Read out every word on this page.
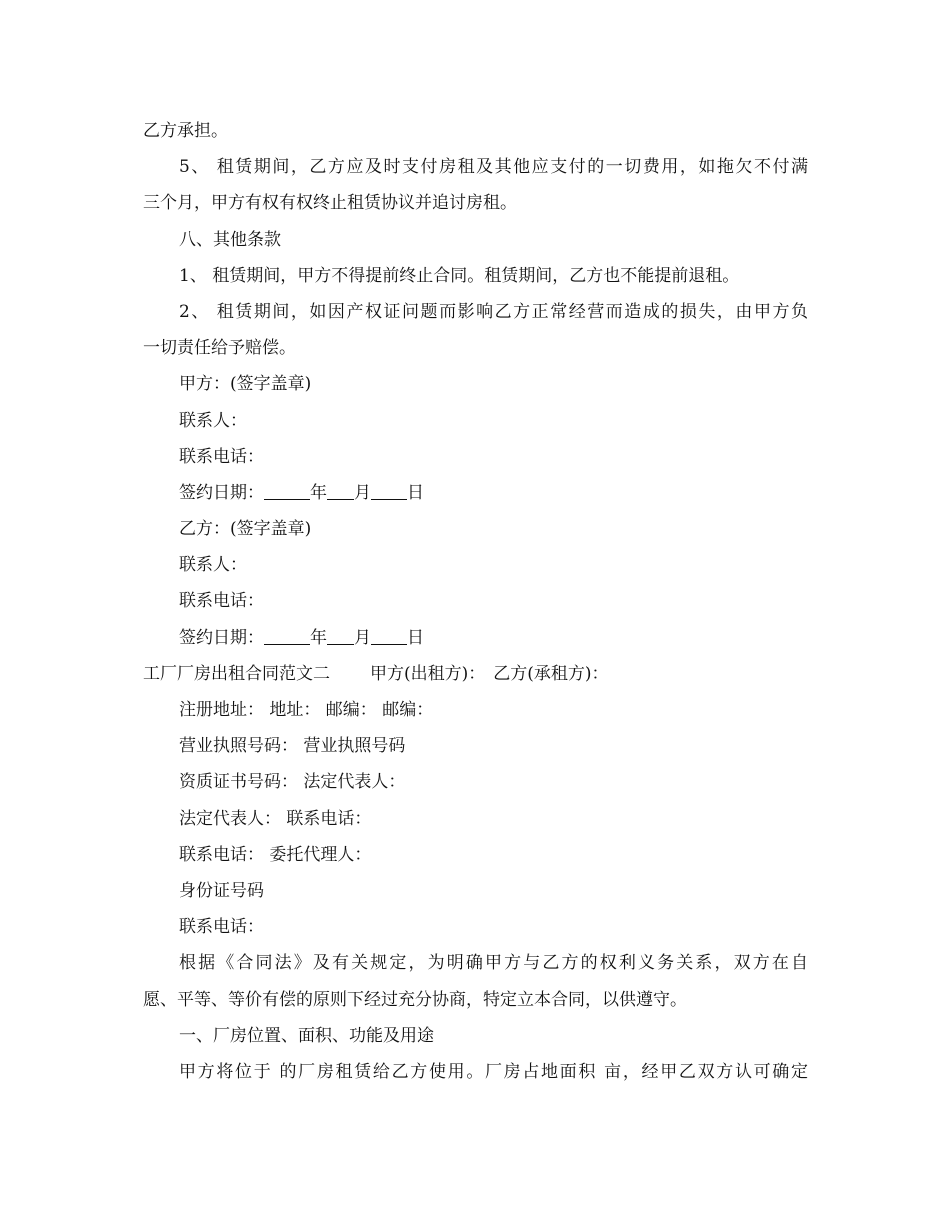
乙方承担。
5、 租赁期间，乙方应及时支付房租及其他应支付的一切费用，如拖欠不付满
三个月，甲方有权有权终止租赁协议并追讨房租。
八、其他条款
1、 租赁期间，甲方不得提前终止合同。租赁期间，乙方也不能提前退租。
2、 租赁期间，如因产权证问题而影响乙方正常经营而造成的损失，由甲方负
一切责任给予赔偿。
甲方：(签字盖章)
联系人：
联系电话：
签约日期：	年 月 日
乙方：(签字盖章)
联系人：
联系电话：
签约日期：	年 月 日
工厂厂房出租合同范文二 甲方(出租方)： 乙方(承租方)：
注册地址： 地址： 邮编： 邮编：
营业执照号码： 营业执照号码
资质证书号码： 法定代表人：
法定代表人： 联系电话：
联系电话： 委托代理人：
身份证号码
联系电话：
根据《合同法》及有关规定，为明确甲方与乙方的权利义务关系，双方在自
愿、平等、等价有偿的原则下经过充分协商，特定立本合同，以供遵守。
一、厂房位置、面积、功能及用途
甲方将位于 的厂房租赁给乙方使用。厂房占地面积 亩，经甲乙双方认可确定
